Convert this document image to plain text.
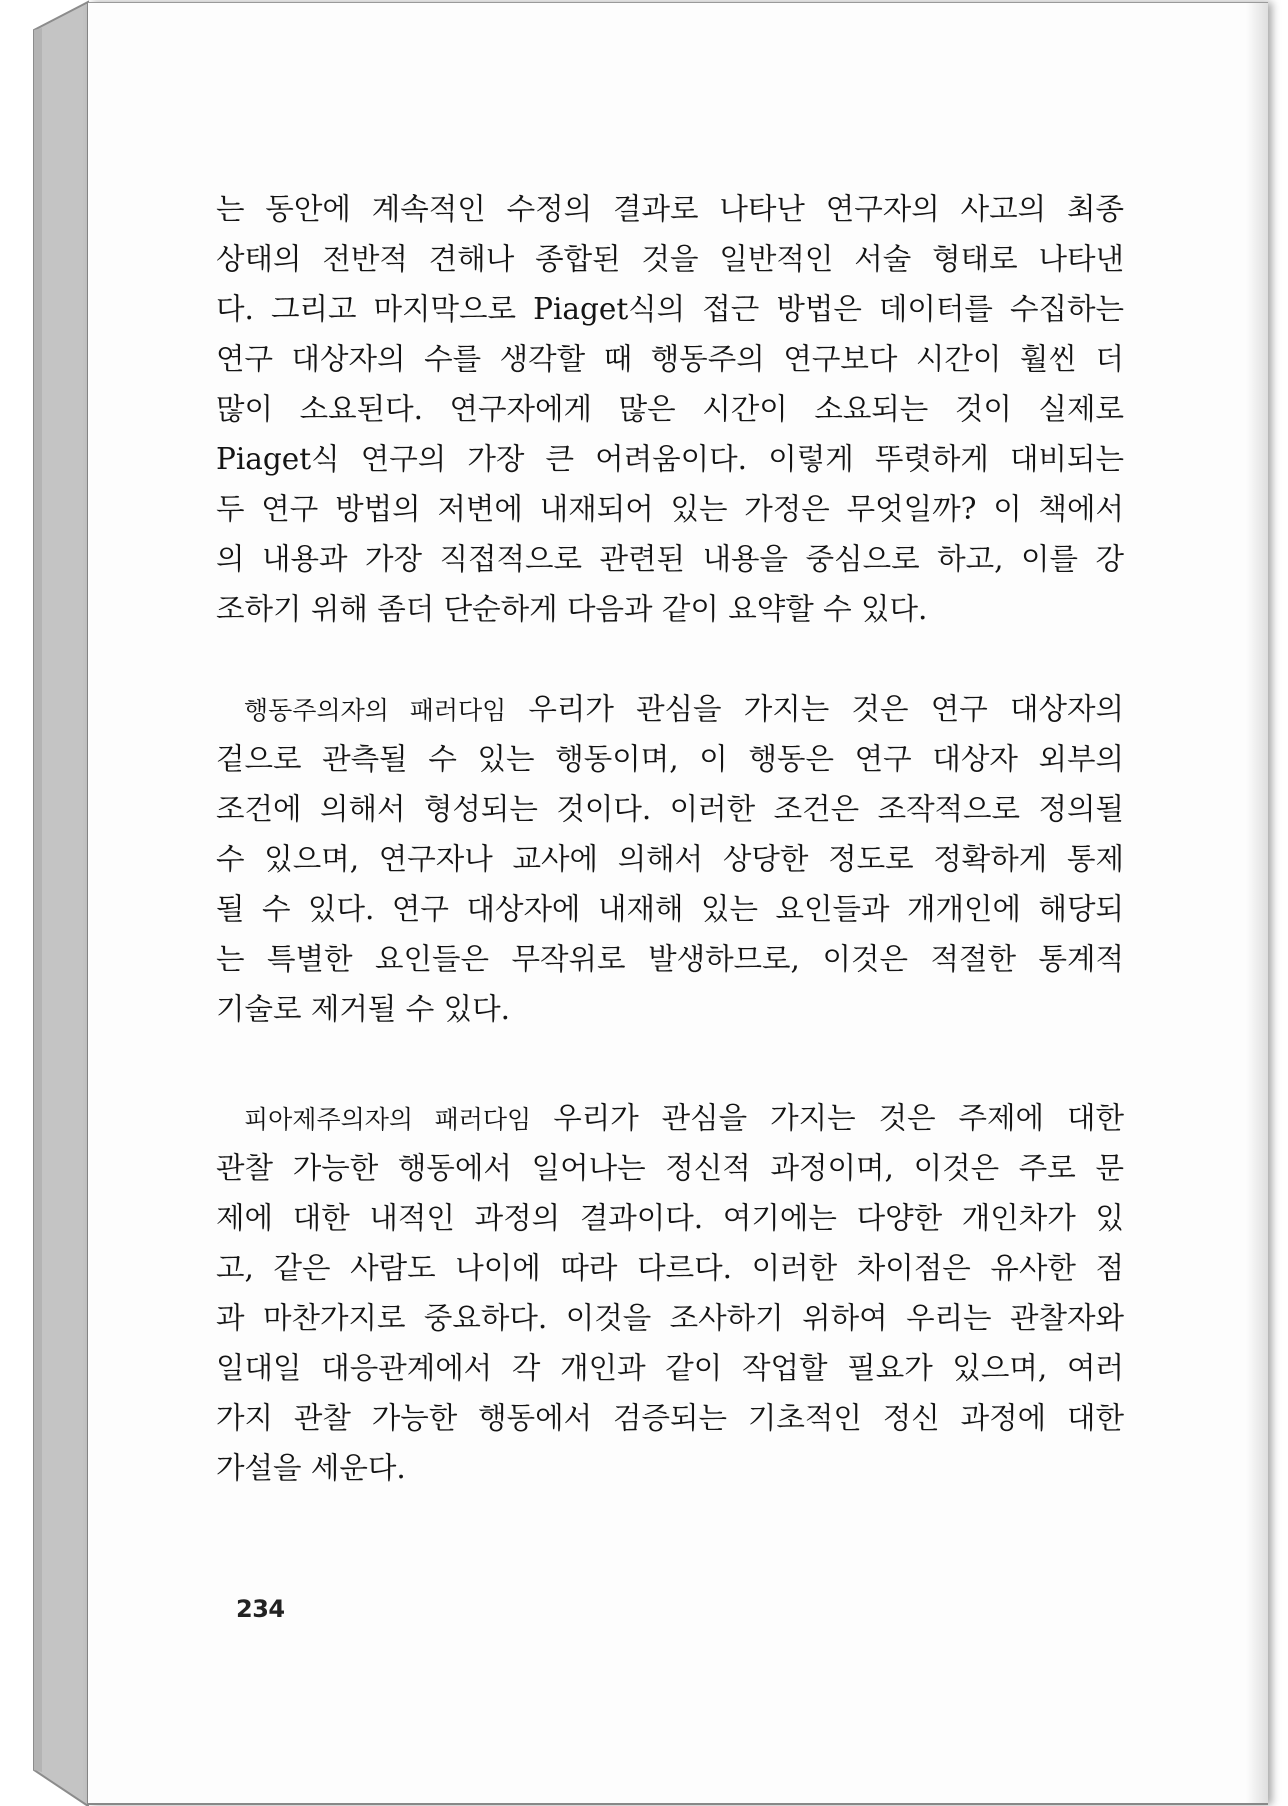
는 동안에 계속적인 수정의 결과로 나타난 연구자의 사고의 최종
상태의 전반적 견해나 종합된 것을 일반적인 서술 형태로 나타낸
다. 그리고 마지막으로 Piaget식의 접근 방법은 데이터를 수집하는
연구 대상자의 수를 생각할 때 행동주의 연구보다 시간이 훨씬 더
많이 소요된다. 연구자에게 많은 시간이 소요되는 것이 실제로
Piaget식 연구의 가장 큰 어려움이다. 이렇게 뚜렷하게 대비되는
두 연구 방법의 저변에 내재되어 있는 가정은 무엇일까? 이 책에서
의 내용과 가장 직접적으로 관련된 내용을 중심으로 하고, 이를 강
조하기 위해 좀더 단순하게 다음과 같이 요약할 수 있다.
행동주의자의 패러다임 우리가 관심을 가지는 것은 연구 대상자의
겉으로 관측될 수 있는 행동이며, 이 행동은 연구 대상자 외부의
조건에 의해서 형성되는 것이다. 이러한 조건은 조작적으로 정의될
수 있으며, 연구자나 교사에 의해서 상당한 정도로 정확하게 통제
될 수 있다. 연구 대상자에 내재해 있는 요인들과 개개인에 해당되
는 특별한 요인들은 무작위로 발생하므로, 이것은 적절한 통계적
기술로 제거될 수 있다.
피아제주의자의 패러다임 우리가 관심을 가지는 것은 주제에 대한
관찰 가능한 행동에서 일어나는 정신적 과정이며, 이것은 주로 문
제에 대한 내적인 과정의 결과이다. 여기에는 다양한 개인차가 있
고, 같은 사람도 나이에 따라 다르다. 이러한 차이점은 유사한 점
과 마찬가지로 중요하다. 이것을 조사하기 위하여 우리는 관찰자와
일대일 대응관계에서 각 개인과 같이 작업할 필요가 있으며, 여러
가지 관찰 가능한 행동에서 검증되는 기초적인 정신 과정에 대한
가설을 세운다.
234
